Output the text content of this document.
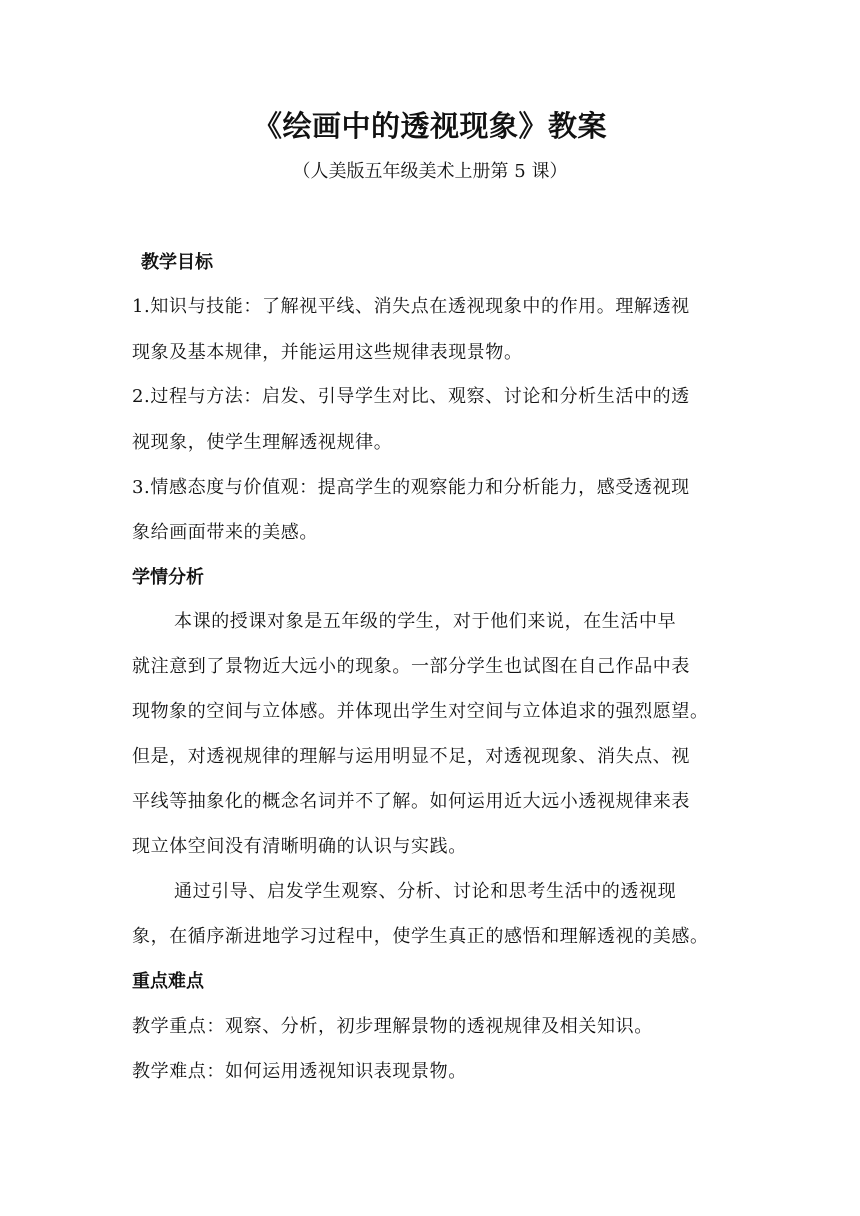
《绘画中的透视现象》教案
（人美版五年级美术上册第 5 课）
教学目标
1.知识与技能：了解视平线、消失点在透视现象中的作用。理解透视
现象及基本规律，并能运用这些规律表现景物。
2.过程与方法：启发、引导学生对比、观察、讨论和分析生活中的透
视现象，使学生理解透视规律。
3.情感态度与价值观：提高学生的观察能力和分析能力，感受透视现
象给画面带来的美感。
学情分析
本课的授课对象是五年级的学生，对于他们来说，在生活中早
就注意到了景物近大远小的现象。一部分学生也试图在自己作品中表
现物象的空间与立体感。并体现出学生对空间与立体追求的强烈愿望。
但是，对透视规律的理解与运用明显不足，对透视现象、消失点、视
平线等抽象化的概念名词并不了解。如何运用近大远小透视规律来表
现立体空间没有清晰明确的认识与实践。
通过引导、启发学生观察、分析、讨论和思考生活中的透视现
象，在循序渐进地学习过程中，使学生真正的感悟和理解透视的美感。
重点难点
教学重点：观察、分析，初步理解景物的透视规律及相关知识。
教学难点：如何运用透视知识表现景物。
